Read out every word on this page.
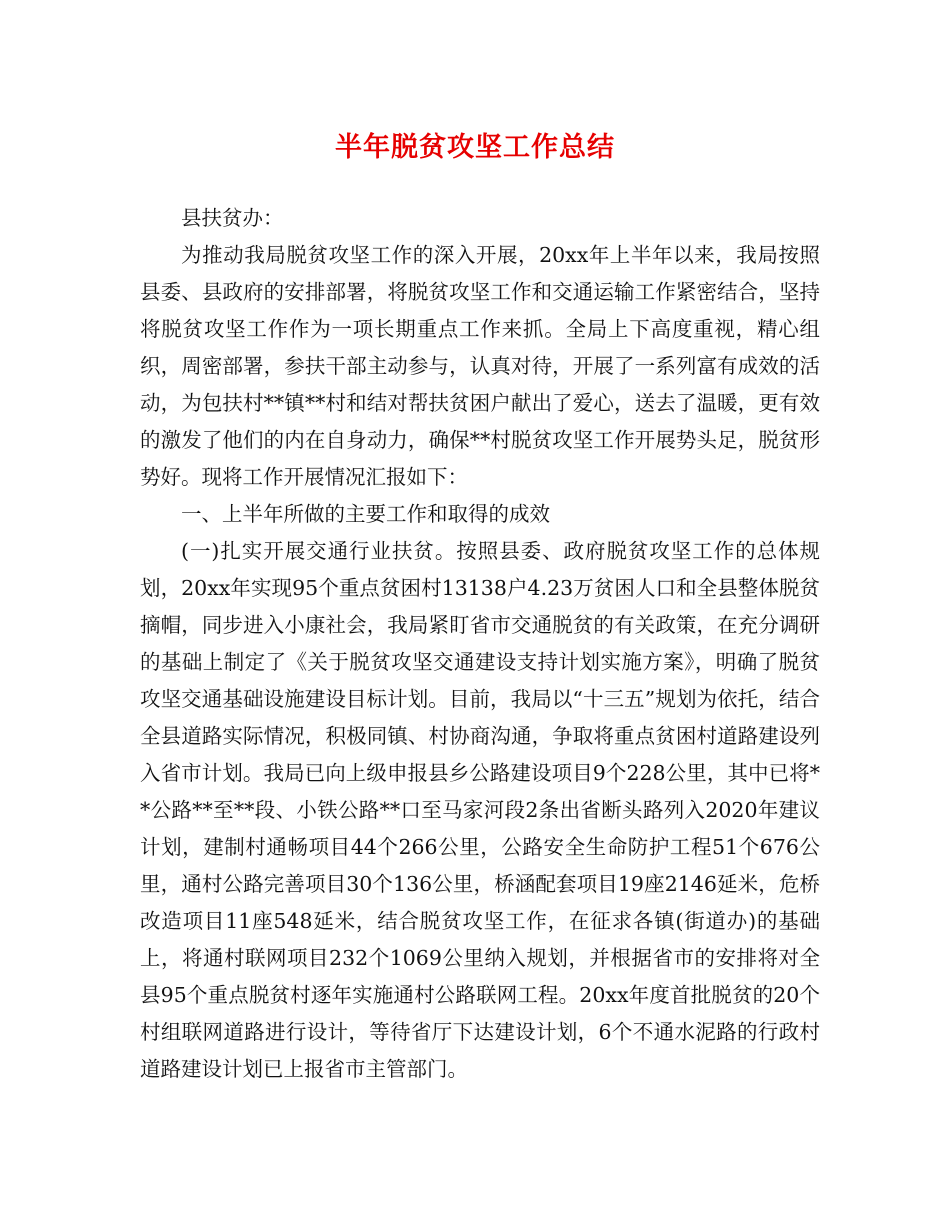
半年脱贫攻坚工作总结

县扶贫办：

为推动我局脱贫攻坚工作的深入开展，20xx年上半年以来，我局按照县委、县政府的安排部署，将脱贫攻坚工作和交通运输工作紧密结合，坚持将脱贫攻坚工作作为一项长期重点工作来抓。全局上下高度重视，精心组织，周密部署，参扶干部主动参与，认真对待，开展了一系列富有成效的活动，为包扶村**镇**村和结对帮扶贫困户献出了爱心，送去了温暖，更有效的激发了他们的内在自身动力，确保**村脱贫攻坚工作开展势头足，脱贫形势好。现将工作开展情况汇报如下：

一、上半年所做的主要工作和取得的成效

(一)扎实开展交通行业扶贫。按照县委、政府脱贫攻坚工作的总体规划，20xx年实现95个重点贫困村13138户4.23万贫困人口和全县整体脱贫摘帽，同步进入小康社会，我局紧盯省市交通脱贫的有关政策，在充分调研的基础上制定了《关于脱贫攻坚交通建设支持计划实施方案》，明确了脱贫攻坚交通基础设施建设目标计划。目前，我局以“十三五”规划为依托，结合全县道路实际情况，积极同镇、村协商沟通，争取将重点贫困村道路建设列入省市计划。我局已向上级申报县乡公路建设项目9个228公里，其中已将**公路**至**段、小铁公路**口至马家河段2条出省断头路列入2020年建议计划，建制村通畅项目44个266公里，公路安全生命防护工程51个676公里，通村公路完善项目30个136公里，桥涵配套项目19座2146延米，危桥改造项目11座548延米，结合脱贫攻坚工作，在征求各镇(街道办)的基础上，将通村联网项目232个1069公里纳入规划，并根据省市的安排将对全县95个重点脱贫村逐年实施通村公路联网工程。20xx年度首批脱贫的20个村组联网道路进行设计，等待省厅下达建设计划，6个不通水泥路的行政村道路建设计划已上报省市主管部门。
